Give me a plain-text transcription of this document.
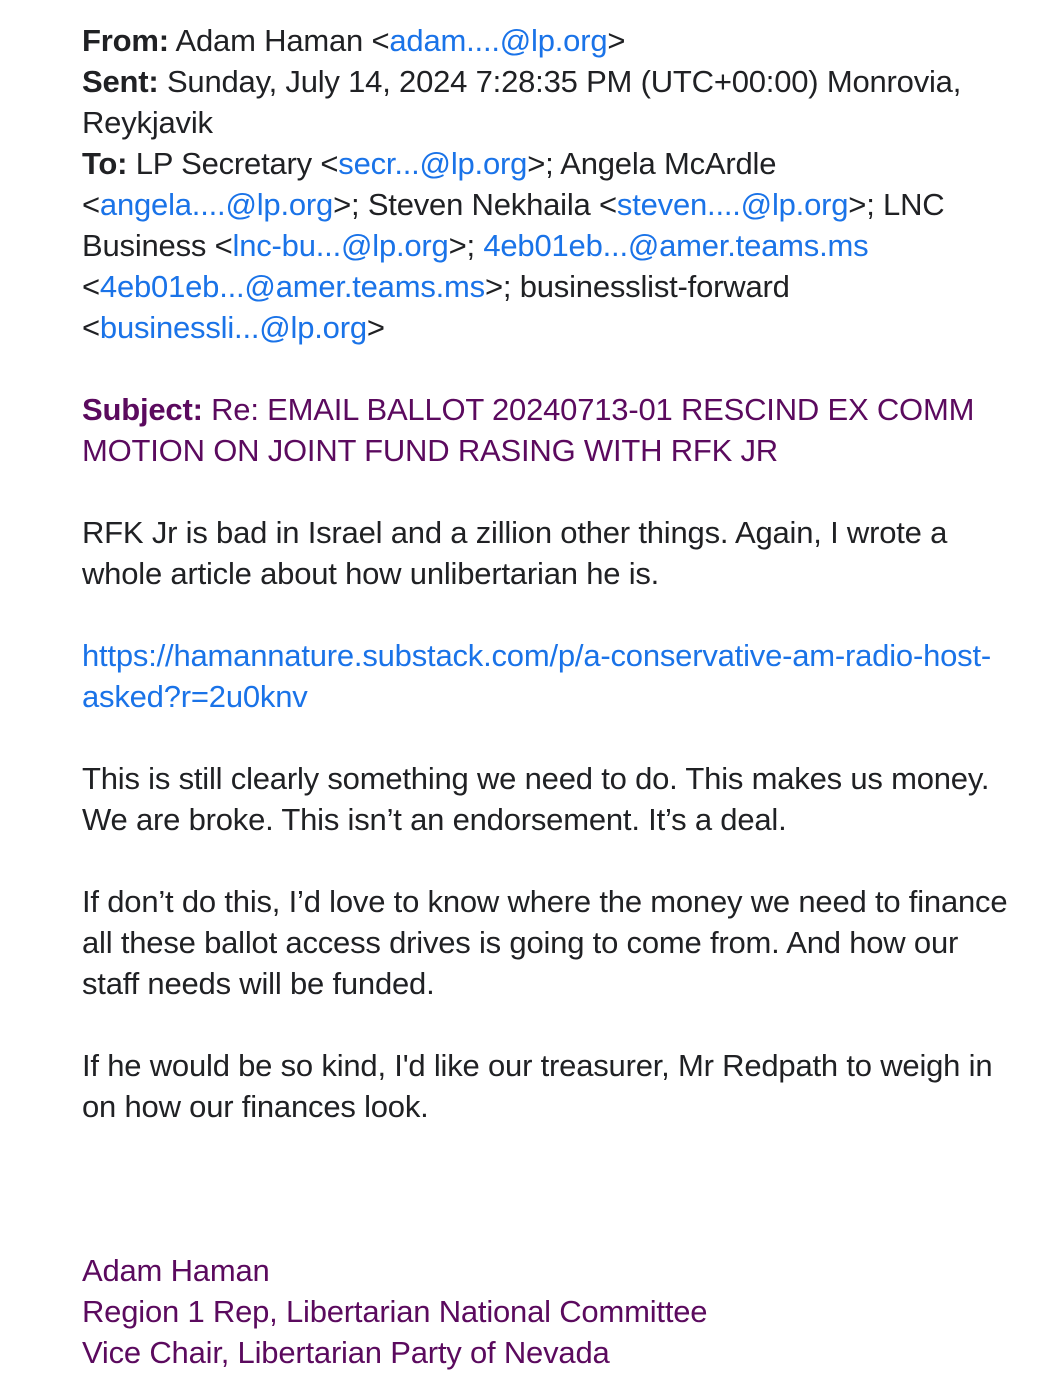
From: Adam Haman <adam....@lp.org>
Sent: Sunday, July 14, 2024 7:28:35 PM (UTC+00:00) Monrovia, Reykjavik
To: LP Secretary <secr...@lp.org>; Angela McArdle <angela....@lp.org>; Steven Nekhaila <steven....@lp.org>; LNC Business <lnc-bu...@lp.org>; 4eb01eb...@amer.teams.ms <4eb01eb...@amer.teams.ms>; businesslist-forward <businessli...@lp.org>
Subject: Re: EMAIL BALLOT 20240713-01 RESCIND EX COMM MOTION ON JOINT FUND RASING WITH RFK JR
RFK Jr is bad in Israel and a zillion other things. Again, I wrote a whole article about how unlibertarian he is.
https://hamannature.substack.com/p/a-conservative-am-radio-host-asked?r=2u0knv
This is still clearly something we need to do. This makes us money. We are broke. This isn’t an endorsement. It’s a deal.
If don’t do this, I’d love to know where the money we need to finance all these ballot access drives is going to come from. And how our staff needs will be funded.
If he would be so kind, I'd like our treasurer, Mr Redpath to weigh in on how our finances look.
Adam Haman
Region 1 Rep, Libertarian National Committee
Vice Chair, Libertarian Party of Nevada
